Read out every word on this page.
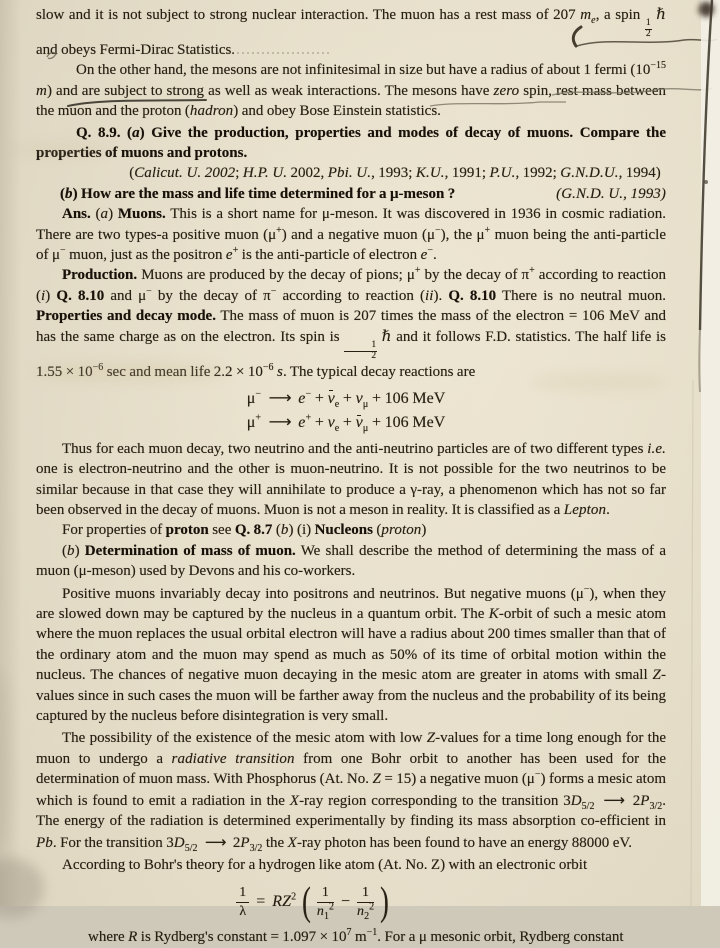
slow and it is not subject to strong nuclear interaction. The muon has a rest mass of 207 $m_e$, a spin
$\frac{1}{2}$
ℏ and obeys Fermi-Dirac Statistics.

On the other hand, the mesons are not infinitesimal in size but have a radius of about 1 fermi ($10^{-15}$ m) and are subject to strong as well as weak interactions. The mesons have zero spin, rest mass between the muon and the proton (hadron) and obey Bose Einstein statistics.

Q. 8.9. (a) Give the production, properties and modes of decay of muons. Compare the properties of muons and protons.

(Calicut. U. 2002; H.P. U. 2002, Pbi. U., 1993; K.U., 1991; P.U., 1992; G.N.D.U., 1994)

(b) How are the mass and life time determined for a μ-meson ?	(G.N.D. U., 1993)

Ans. (a) Muons. This is a short name for μ-meson. It was discovered in 1936 in cosmic radiation. There are two types-a positive muon (μ+) and a negative muon (μ−), the μ+ muon being the anti-particle of μ− muon, just as the positron e+ is the anti-particle of electron e−.

Production. Muons are produced by the decay of pions; μ+ by the decay of π+ according to reaction (i) Q. 8.10 and μ− by the decay of π− according to reaction (ii). Q. 8.10 There is no neutral muon. Properties and decay mode. The mass of muon is 207 times the mass of the electron = 106 MeV and has the same charge as on the electron. Its spin is
$\frac{1}{2}$
ℏ and it follows F.D. statistics. The half life is $1.55 \times 10^{-6}$ sec and mean life $2.2 \times 10^{-6}$ s. The typical decay reactions are

μ− ⟶ $e^- + \nu_e + \nu_\mu + 106$ MeV

μ+ ⟶ $e^+ + \nu_e + \nu_\mu + 106$ MeV

Thus for each muon decay, two neutrino and the anti-neutrino particles are of two different types i.e. one is electron-neutrino and the other is muon-neutrino. It is not possible for the two neutrinos to be similar because in that case they will annihilate to produce a γ-ray, a phenomenon which has not so far been observed in the decay of muons. Muon is not a meson in reality. It is classified as a Lepton.

For properties of proton see Q. 8.7 (b) (i) Nucleons (proton)

(b) Determination of mass of muon. We shall describe the method of determining the mass of a muon (μ-meson) used by Devons and his co-workers.

Positive muons invariably decay into positrons and neutrinos. But negative muons (μ−), when they are slowed down may be captured by the nucleus in a quantum orbit. The K-orbit of such a mesic atom where the muon replaces the usual orbital electron will have a radius about 200 times smaller than that of the ordinary atom and the muon may spend as much as 50% of its time of orbital motion within the nucleus. The chances of negative muon decaying in the mesic atom are greater in atoms with small Z-values since in such cases the muon will be farther away from the nucleus and the probability of its being captured by the nucleus before disintegration is very small.

The possibility of the existence of the mesic atom with low Z-values for a time long enough for the muon to undergo a radiative transition from one Bohr orbit to another has been used for the determination of muon mass. With Phosphorus (At. No. Z = 15) a negative muon (μ−) forms a mesic atom which is found to emit a radiation in the X-ray region corresponding to the transition $3D_{5/2}$ ⟶ $2P_{3/2}$. The energy of the radiation is determined experimentally by finding its mass absorption co-efficient in Pb. For the transition $3D_{5/2}$ ⟶ $2P_{3/2}$ the X-ray photon has been found to have an energy 88000 eV.

According to Bohr's theory for a hydrogen like atom (At. No. Z) with an electronic orbit

$\frac{1}{\lambda} = RZ^2$ ( 1
$n_1^2 - \frac{1}{n_2^2}$ )

where R is Rydberg's constant = $1.097 \times 10^7$ $m^{-1}$. For a μ mesonic orbit, Rydberg constant
